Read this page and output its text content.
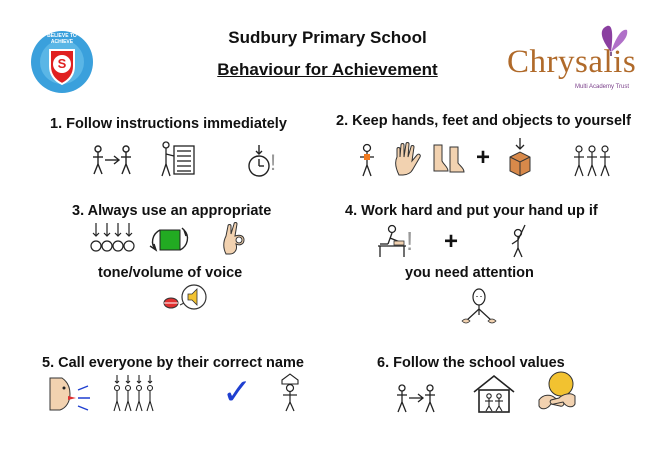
S
BELIEVE TO ACHIEVE	Sudbury Primary School
Behaviour for Achievement	Chrysalis
Multi Academy Trust
1. Follow instructions immediately
!
2. Keep hands, feet and objects to yourself
+
3. Always use an appropriate
tone/volume of voice
4. Work hard and put your hand up if
! +
you need attention
5. Call everyone by their correct name
✓
6. Follow the school values
